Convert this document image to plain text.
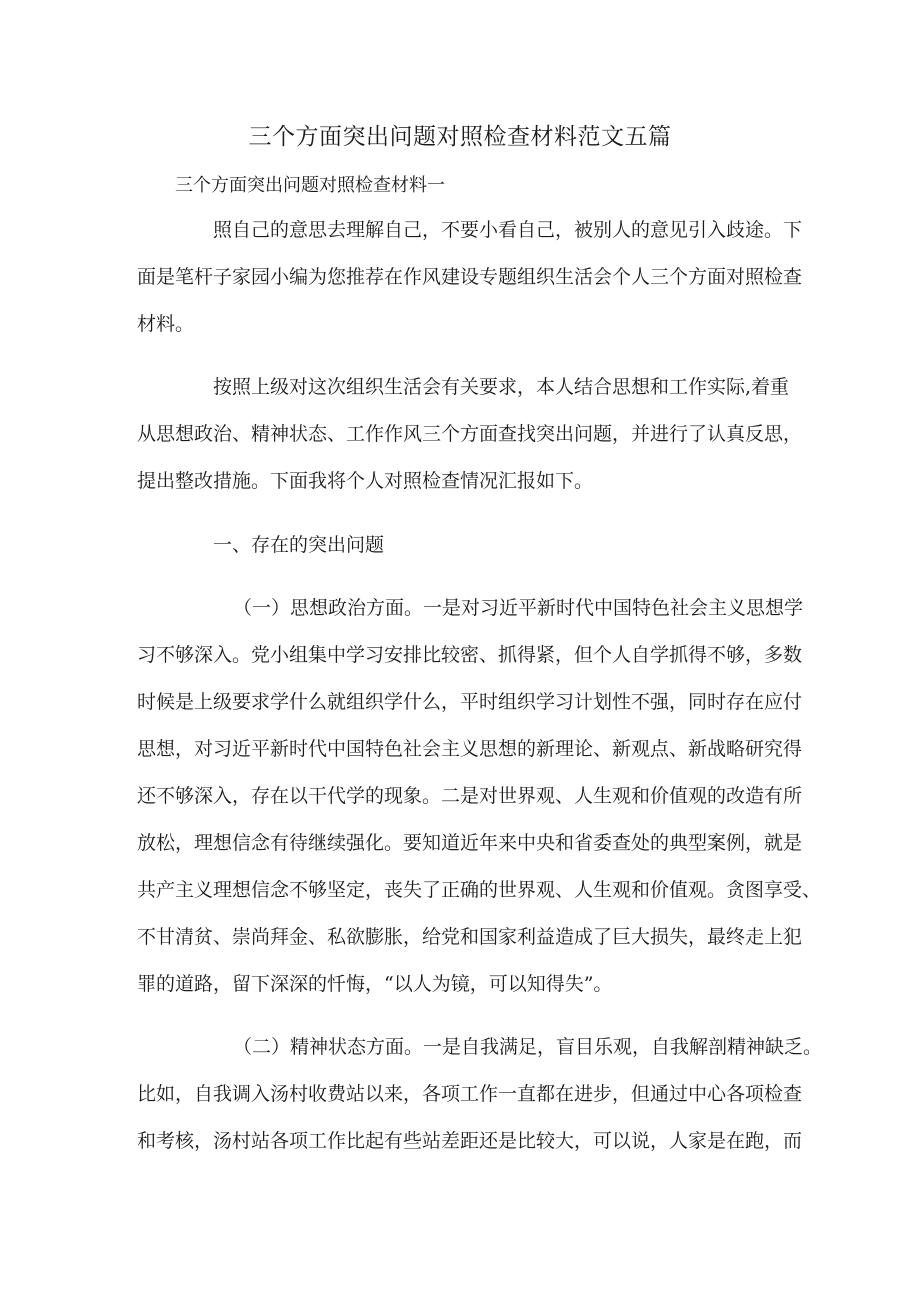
三个方面突出问题对照检查材料范文五篇

三个方面突出问题对照检查材料一

照自己的意思去理解自己，不要小看自己，被别人的意见引入歧途。下

面是笔杆子家园小编为您推荐在作风建设专题组织生活会个人三个方面对照检查

材料。

按照上级对这次组织生活会有关要求，本人结合思想和工作实际,着重

从思想政治、精神状态、工作作风三个方面查找突出问题，并进行了认真反思，

提出整改措施。下面我将个人对照检查情况汇报如下。

一、存在的突出问题

（一）思想政治方面。一是对习近平新时代中国特色社会主义思想学

习不够深入。党小组集中学习安排比较密、抓得紧，但个人自学抓得不够，多数

时候是上级要求学什么就组织学什么，平时组织学习计划性不强，同时存在应付

思想，对习近平新时代中国特色社会主义思想的新理论、新观点、新战略研究得

还不够深入，存在以干代学的现象。二是对世界观、人生观和价值观的改造有所

放松，理想信念有待继续强化。要知道近年来中央和省委查处的典型案例，就是

共产主义理想信念不够坚定，丧失了正确的世界观、人生观和价值观。贪图享受、

不甘清贫、崇尚拜金、私欲膨胀，给党和国家利益造成了巨大损失，最终走上犯

罪的道路，留下深深的忏悔，“以人为镜，可以知得失”。

（二）精神状态方面。一是自我满足，盲目乐观，自我解剖精神缺乏。

比如，自我调入汤村收费站以来，各项工作一直都在进步，但通过中心各项检查

和考核，汤村站各项工作比起有些站差距还是比较大，可以说，人家是在跑，而
